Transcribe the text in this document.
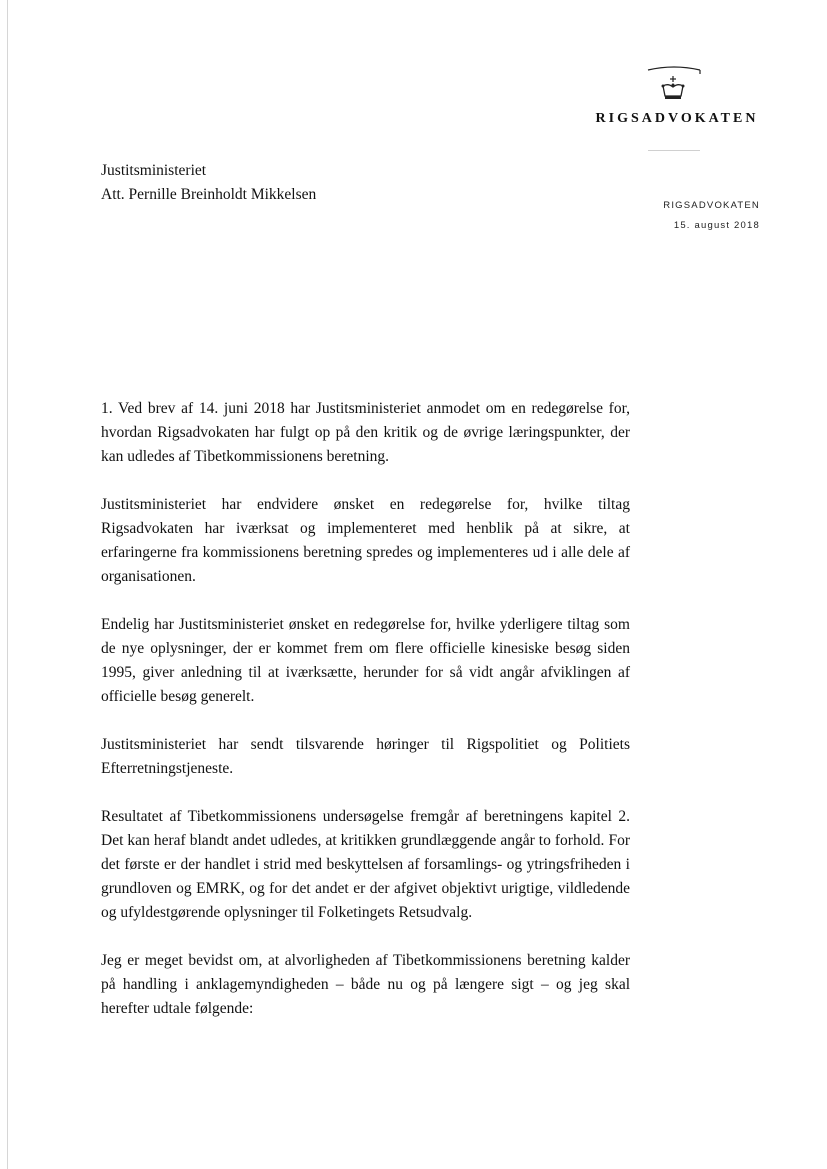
RIGSADVOKATEN
Justitsministeriet
Att. Pernille Breinholdt Mikkelsen
RIGSADVOKATEN
15. august 2018

1. Ved brev af 14. juni 2018 har Justitsministeriet anmodet om en redegørelse for, hvordan Rigsadvokaten har fulgt op på den kritik og de øvrige læringspunkter, der kan udledes af Tibetkommissionens beretning.

Justitsministeriet har endvidere ønsket en redegørelse for, hvilke tiltag Rigsadvokaten har iværksat og implementeret med henblik på at sikre, at erfaringerne fra kommissionens beretning spredes og implementeres ud i alle dele af organisationen.

Endelig har Justitsministeriet ønsket en redegørelse for, hvilke yderligere tiltag som de nye oplysninger, der er kommet frem om flere officielle kinesiske besøg siden 1995, giver anledning til at iværksætte, herunder for så vidt angår afviklingen af officielle besøg generelt.

Justitsministeriet har sendt tilsvarende høringer til Rigspolitiet og Politiets Efterretningstjeneste.

Resultatet af Tibetkommissionens undersøgelse fremgår af beretningens kapitel 2. Det kan heraf blandt andet udledes, at kritikken grundlæggende angår to forhold. For det første er der handlet i strid med beskyttelsen af forsamlings- og ytringsfriheden i grundloven og EMRK, og for det andet er der afgivet objektivt urigtige, vildledende og ufyldestgørende oplysninger til Folketingets Retsudvalg.

Jeg er meget bevidst om, at alvorligheden af Tibetkommissionens beretning kalder på handling i anklagemyndigheden – både nu og på længere sigt – og jeg skal herefter udtale følgende:
